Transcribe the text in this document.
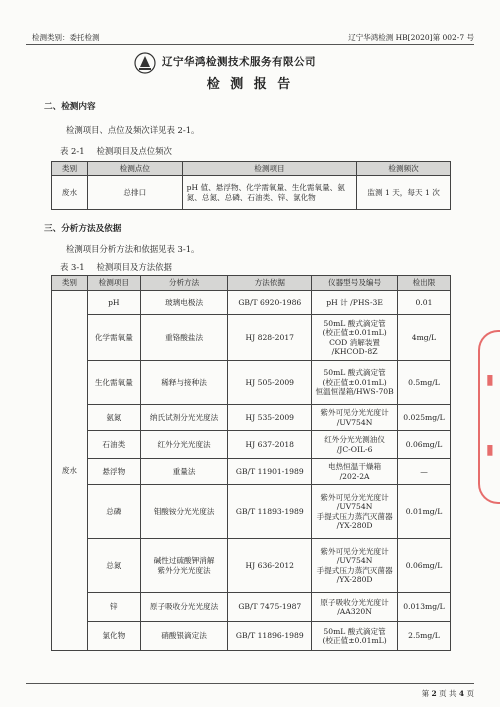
检测类别：委托检测	辽宁华鸿检测 HB[2020]第 002-7 号
辽宁华鸿检测技术服务有限公司
检 测 报 告
二、检测内容
检测项目、点位及频次详见表 2-1。
表 2-1 检测项目及点位频次
类别	检测点位	检测项目	检测频次
废水	总排口	pH 值、悬浮物、化学需氧量、生化需氧量、氨氮、总氮、总磷、石油类、锌、氯化物	监测 1 天，每天 1 次
三、分析方法及依据
检测项目分析方法和依据见表 3-1。
表 3-1 检测项目及方法依据
类别	检测项目	分析方法	方法依据	仪器型号及编号	检出限
废水	pH	玻璃电极法	GB/T 6920-1986	pH 计 /PHS-3E	0.01
	化学需氧量	重铬酸盐法	HJ 828-2017	50mL 酸式滴定管
(校正值±0.01mL)
COD 消解装置
/KHCOD-8Z	4mg/L
	生化需氧量	稀释与接种法	HJ 505-2009	50mL 酸式滴定管
(校正值±0.01mL)
恒温恒湿箱/HWS-70B	0.5mg/L
	氨氮	纳氏试剂分光光度法	HJ 535-2009	紫外可见分光光度计
/UV754N	0.025mg/L
	石油类	红外分光光度法	HJ 637-2018	红外分光光测油仪
/JC-OIL-6	0.06mg/L
	悬浮物	重量法	GB/T 11901-1989	电热恒温干燥箱
/202-2A	—
	总磷	钼酸铵分光光度法	GB/T 11893-1989	紫外可见分光光度计
/UV754N
手提式压力蒸汽灭菌器
/YX-280D	0.01mg/L
	总氮	碱性过硫酸钾消解
紫外分光光度法	HJ 636-2012	紫外可见分光光度计
/UV754N
手提式压力蒸汽灭菌器
/YX-280D	0.06mg/L
	锌	原子吸收分光光度法	GB/T 7475-1987	原子吸收分光光度计
/AA320N	0.013mg/L
	氯化物	硝酸银滴定法	GB/T 11896-1989	50mL 酸式滴定管
(校正值±0.01mL)	2.5mg/L
▮
▮
第 2 页 共 4 页
